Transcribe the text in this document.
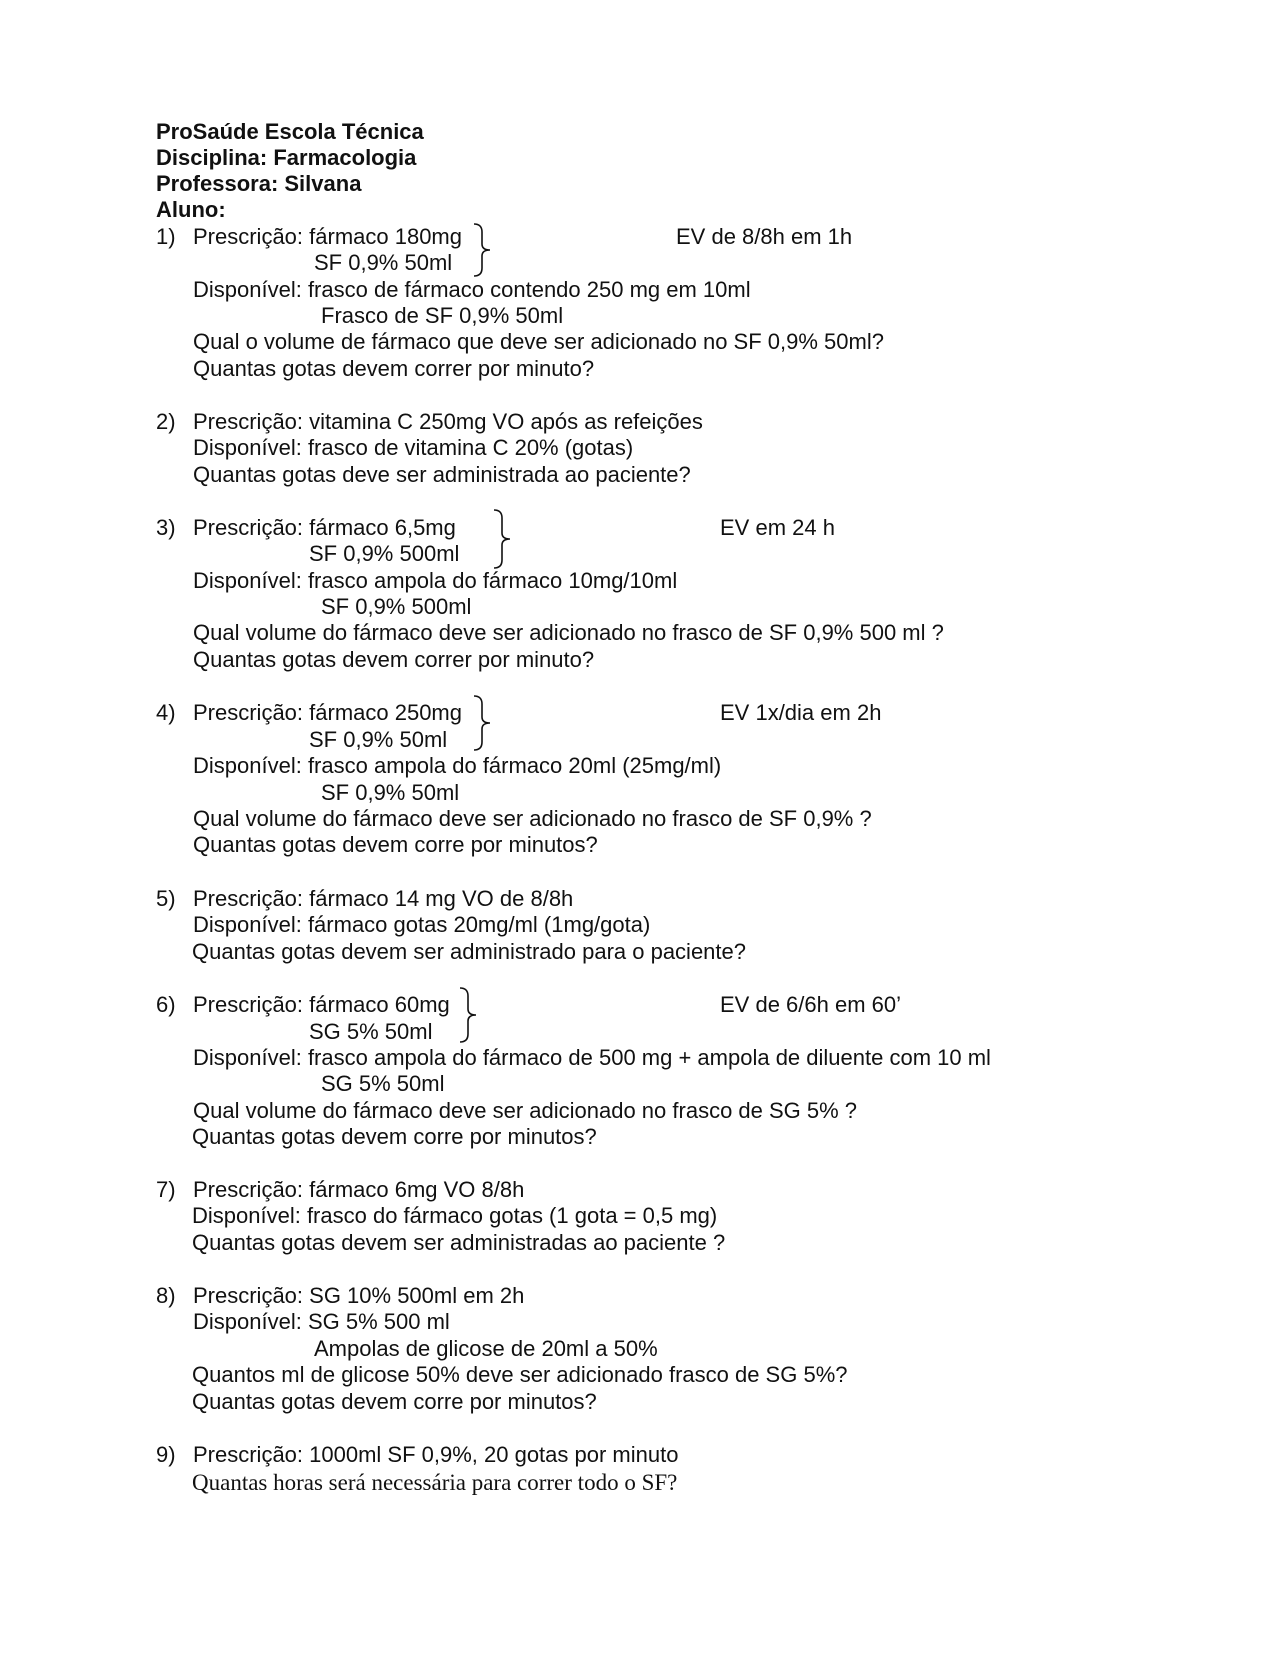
ProSaúde Escola Técnica
Disciplina: Farmacologia
Professora: Silvana
Aluno:
1) Prescrição: fármaco 180mg	EV de 8/8h em 1h
SF 0,9% 50ml
Disponível: frasco de fármaco contendo 250 mg em 10ml
Frasco de SF 0,9% 50ml
Qual o volume de fármaco que deve ser adicionado no SF 0,9% 50ml?
Quantas gotas devem correr por minuto?
2) Prescrição: vitamina C 250mg VO após as refeições
Disponível: frasco de vitamina C 20% (gotas)
Quantas gotas deve ser administrada ao paciente?
3) Prescrição: fármaco 6,5mg	EV em 24 h
SF 0,9% 500ml
Disponível: frasco ampola do fármaco 10mg/10ml
SF 0,9% 500ml
Qual volume do fármaco deve ser adicionado no frasco de SF 0,9% 500 ml ?
Quantas gotas devem correr por minuto?
4) Prescrição: fármaco 250mg	EV 1x/dia em 2h
SF 0,9% 50ml
Disponível: frasco ampola do fármaco 20ml (25mg/ml)
SF 0,9% 50ml
Qual volume do fármaco deve ser adicionado no frasco de SF 0,9% ?
Quantas gotas devem corre por minutos?
5) Prescrição: fármaco 14 mg VO de 8/8h
Disponível: fármaco gotas 20mg/ml (1mg/gota)
Quantas gotas devem ser administrado para o paciente?
6) Prescrição: fármaco 60mg	EV de 6/6h em 60’
SG 5% 50ml
Disponível: frasco ampola do fármaco de 500 mg + ampola de diluente com 10 ml
SG 5% 50ml
Qual volume do fármaco deve ser adicionado no frasco de SG 5% ?
Quantas gotas devem corre por minutos?
7) Prescrição: fármaco 6mg VO 8/8h
Disponível: frasco do fármaco gotas (1 gota = 0,5 mg)
Quantas gotas devem ser administradas ao paciente ?
8) Prescrição: SG 10% 500ml em 2h
Disponível: SG 5% 500 ml
Ampolas de glicose de 20ml a 50%
Quantos ml de glicose 50% deve ser adicionado frasco de SG 5%?
Quantas gotas devem corre por minutos?
9) Prescrição: 1000ml SF 0,9%, 20 gotas por minuto
Quantas horas será necessária para correr todo o SF?
